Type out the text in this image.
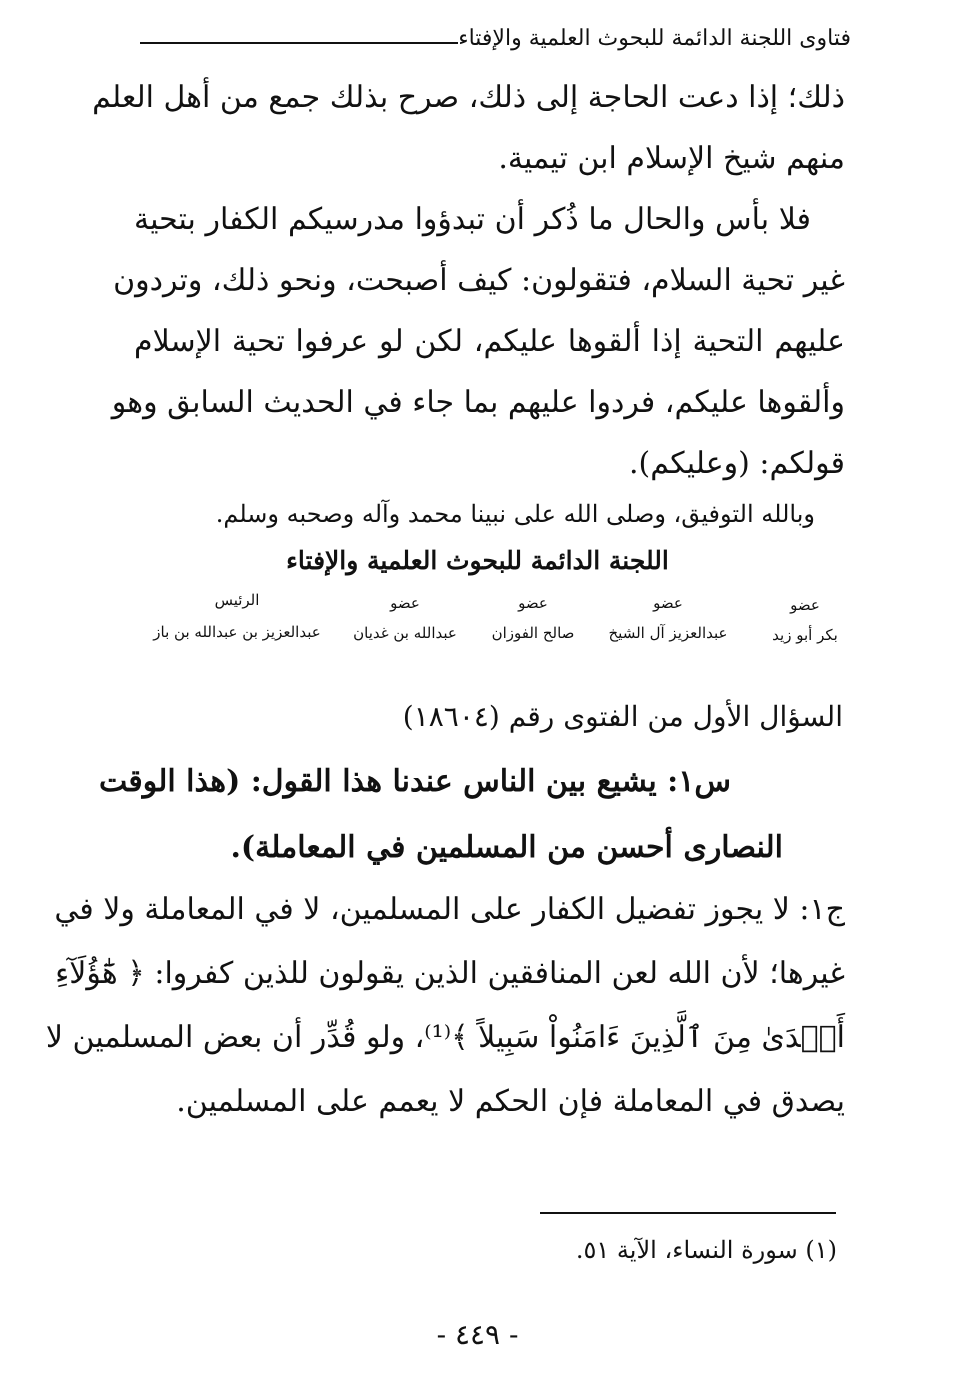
فتاوى اللجنة الدائمة للبحوث العلمية والإفتاء
ذلك؛ إذا دعت الحاجة إلى ذلك، صرح بذلك جمع من أهل العلم
منهم شيخ الإسلام ابن تيمية.
فلا بأس والحال ما ذُكر أن تبدؤوا مدرسيكم الكفار بتحية
غير تحية السلام، فتقولون: كيف أصبحت، ونحو ذلك، وتردون
عليهم التحية إذا ألقوها عليكم، لكن لو عرفوا تحية الإسلام
وألقوها عليكم، فردوا عليهم بما جاء في الحديث السابق وهو
قولكم: (وعليكم).
وبالله التوفيق، وصلى الله على نبينا محمد وآله وصحبه وسلم.
اللجنة الدائمة للبحوث العلمية والإفتاء
عضو
بكر أبو زيد
عضو
عبدالعزيز آل الشيخ
عضو
صالح الفوزان
عضو
عبدالله بن غديان
الرئيس
عبدالعزيز بن عبدالله بن باز
السؤال الأول من الفتوى رقم (١٨٦٠٤)
س١: يشيع بين الناس عندنا هذا القول: (هذا الوقت
النصارى أحسن من المسلمين في المعاملة).
ج١: لا يجوز تفضيل الكفار على المسلمين، لا في المعاملة ولا في
غيرها؛ لأن الله لعن المنافقين الذين يقولون للذين كفروا: ﴿ هَٰٓؤُلَآءِ
أَهۡدَىٰ مِنَ ٱلَّذِينَ ءَامَنُواْ سَبِيلاً ﴾⁽¹⁾، ولو قُدِّر أن بعض المسلمين لا
يصدق في المعاملة فإن الحكم لا يعمم على المسلمين.
(١) سورة النساء، الآية ٥١.
- ٤٤٩ -
